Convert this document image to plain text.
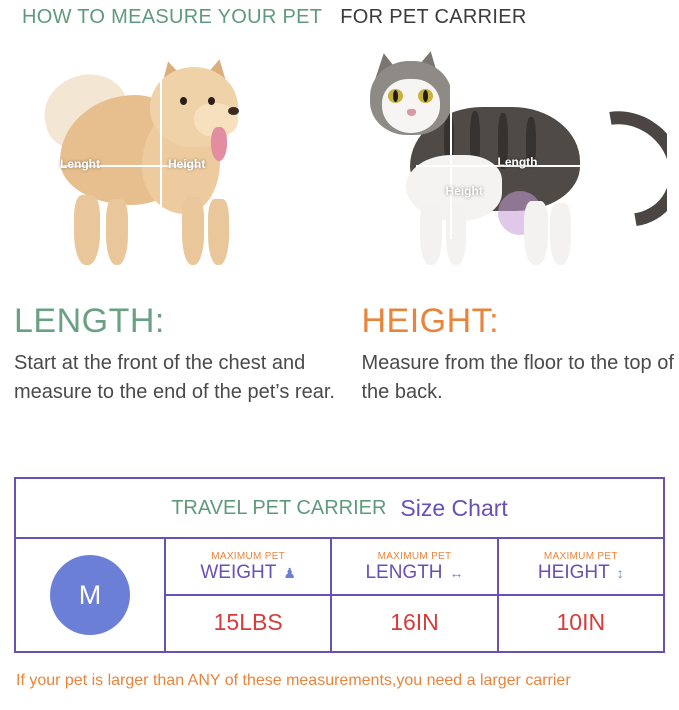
HOW TO MEASURE YOUR PET FOR PET CARRIER
Lenght	Height	Length
Height
LENGTH:
Start at the front of the chest and measure to the end of the pet’s rear.
HEIGHT:
Measure from the floor to the top of the back.
TRAVEL PET CARRIER Size Chart
M
MAXIMUM PET
WEIGHT ♟
15LBS
MAXIMUM PET
LENGTH ↔
16IN
MAXIMUM PET
HEIGHT ↕
10IN
If your pet is larger than ANY of these measurements,you need a larger carrier
